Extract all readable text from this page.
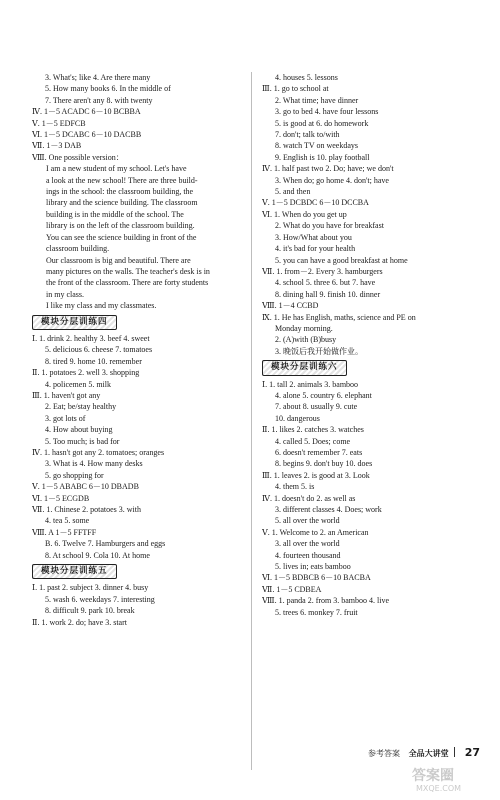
3. What's; like 4. Are there many
5. How many books 6. In the middle of
7. There aren't any 8. with twenty
Ⅳ. 1－5 ACADC 6－10 BCBBA
Ⅴ. 1－5 EDFCB
Ⅵ. 1－5 DCABC 6－10 DACBB
Ⅶ. 1－3 DAB
Ⅷ. One possible version：

I am a new student of my school. Let's have
a look at the new school! There are three build-
ings in the school: the classroom building, the
library and the science building. The classroom
building is in the middle of the school. The
library is on the left of the classroom building.
You can see the science building in front of the
classroom building.

Our classroom is big and beautiful. There are
many pictures on the walls. The teacher's desk is in
the front of the classroom. There are forty students
in my class.

I like my class and my classmates.

模块分层训练四
Ⅰ. 1. drink 2. healthy 3. beef 4. sweet
5. delicious 6. cheese 7. tomatoes
8. tired 9. home 10. remember
Ⅱ. 1. potatoes 2. well 3. shopping
4. policemen 5. milk
Ⅲ. 1. haven't got any
2. Eat; be/stay healthy
3. got lots of
4. How about buying
5. Too much; is bad for
Ⅳ. 1. hasn't got any 2. tomatoes; oranges
3. What is 4. How many desks
5. go shopping for
Ⅴ. 1－5 ABABC 6－10 DBADB
Ⅵ. 1－5 ECGDB
Ⅶ. 1. Chinese 2. potatoes 3. with
4. tea 5. some
Ⅷ. A 1－5 FFTFF
B. 6. Twelve 7. Hamburgers and eggs
8. At school 9. Cola 10. At home
模块分层训练五
Ⅰ. 1. past 2. subject 3. dinner 4. busy
5. wash 6. weekdays 7. interesting
8. difficult 9. park 10. break
Ⅱ. 1. work 2. do; have 3. start
4. houses 5. lessons
Ⅲ. 1. go to school at
2. What time; have dinner
3. go to bed 4. have four lessons
5. is good at 6. do homework
7. don't; talk to/with
8. watch TV on weekdays
9. English is 10. play football
Ⅳ. 1. half past two 2. Do; have; we don't
3. When do; go home 4. don't; have
5. and then
Ⅴ. 1－5 DCBDC 6－10 DCCBA
Ⅵ. 1. When do you get up
2. What do you have for breakfast
3. How/What about you
4. it's bad for your health
5. you can have a good breakfast at home
Ⅶ. 1. from－2. Every 3. hamburgers
4. school 5. three 6. but 7. have
8. dining hall 9. finish 10. dinner
Ⅷ. 1－4 CCBD
Ⅸ. 1. He has English, maths, science and PE on
Monday morning.
2. (A)with (B)busy
3. 晚饭后我开始做作业。
模块分层训练六
Ⅰ. 1. tall 2. animals 3. bamboo
4. alone 5. country 6. elephant
7. about 8. usually 9. cute
10. dangerous
Ⅱ. 1. likes 2. catches 3. watches
4. called 5. Does; come
6. doesn't remember 7. eats
8. begins 9. don't buy 10. does
Ⅲ. 1. leaves 2. is good at 3. Look
4. them 5. is
Ⅳ. 1. doesn't do 2. as well as
3. different classes 4. Does; work
5. all over the world
Ⅴ. 1. Welcome to 2. an American
3. all over the world
4. fourteen thousand
5. lives in; eats bamboo
Ⅵ. 1－5 BDBCB 6－10 BACBA
Ⅶ. 1－5 CDBEA
Ⅷ. 1. panda 2. from 3. bamboo 4. live
5. trees 6. monkey 7. fruit
参考答案 全品大讲堂 27
答案圈
MXQE.COM
